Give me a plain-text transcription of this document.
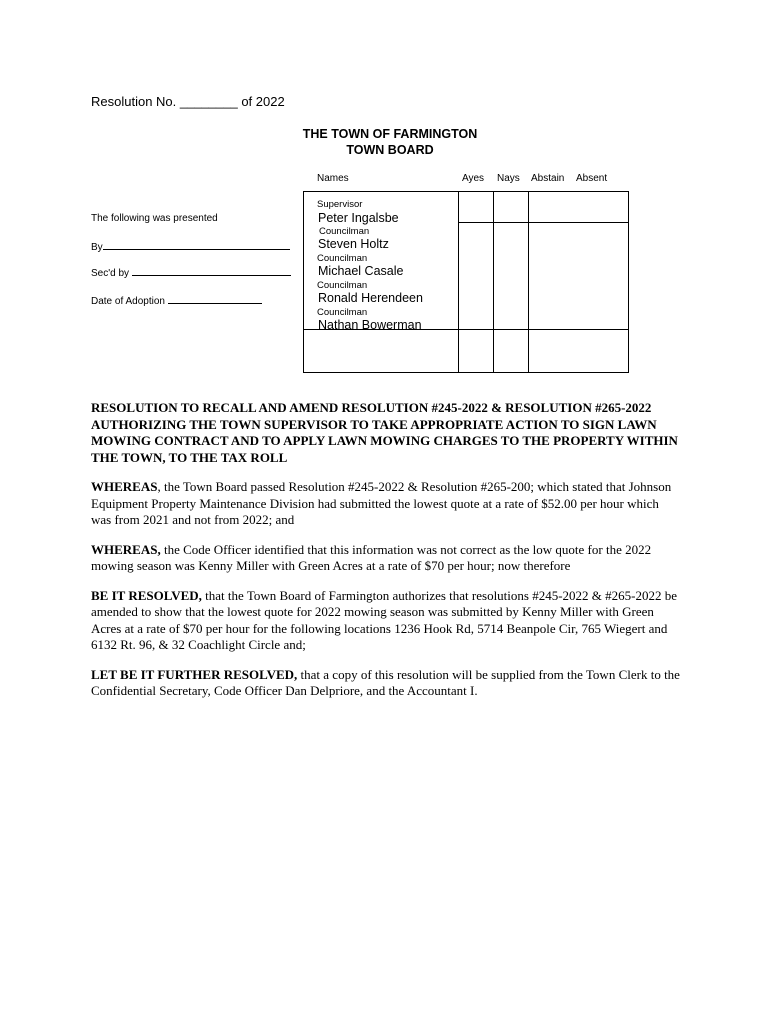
Resolution No. ________ of 2022
THE TOWN OF FARMINGTON
TOWN BOARD
The following was presented
By
Sec'd by
Date of Adoption
Names	Ayes Nays Abstain Absent
Supervisor
Peter Ingalsbe
Councilman
Steven Holtz
Councilman
Michael Casale
Councilman
Ronald Herendeen
Councilman
Nathan Bowerman

RESOLUTION TO RECALL AND AMEND RESOLUTION #245-2022 & RESOLUTION #265-2022 AUTHORIZING THE TOWN SUPERVISOR TO TAKE APPROPRIATE ACTION TO SIGN LAWN MOWING CONTRACT AND TO APPLY LAWN MOWING CHARGES TO THE PROPERTY WITHIN THE TOWN, TO THE TAX ROLL

WHEREAS, the Town Board passed Resolution #245-2022 & Resolution #265-200; which stated that Johnson Equipment Property Maintenance Division had submitted the lowest quote at a rate of $52.00 per hour which was from 2021 and not from 2022; and

WHEREAS, the Code Officer identified that this information was not correct as the low quote for the 2022 mowing season was Kenny Miller with Green Acres at a rate of $70 per hour; now therefore

BE IT RESOLVED, that the Town Board of Farmington authorizes that resolutions #245-2022 & #265-2022 be amended to show that the lowest quote for 2022 mowing season was submitted by Kenny Miller with Green Acres at a rate of $70 per hour for the following locations 1236 Hook Rd, 5714 Beanpole Cir, 765 Wiegert and 6132 Rt. 96, & 32 Coachlight Circle and;

LET BE IT FURTHER RESOLVED, that a copy of this resolution will be supplied from the Town Clerk to the Confidential Secretary, Code Officer Dan Delpriore, and the Accountant I.
